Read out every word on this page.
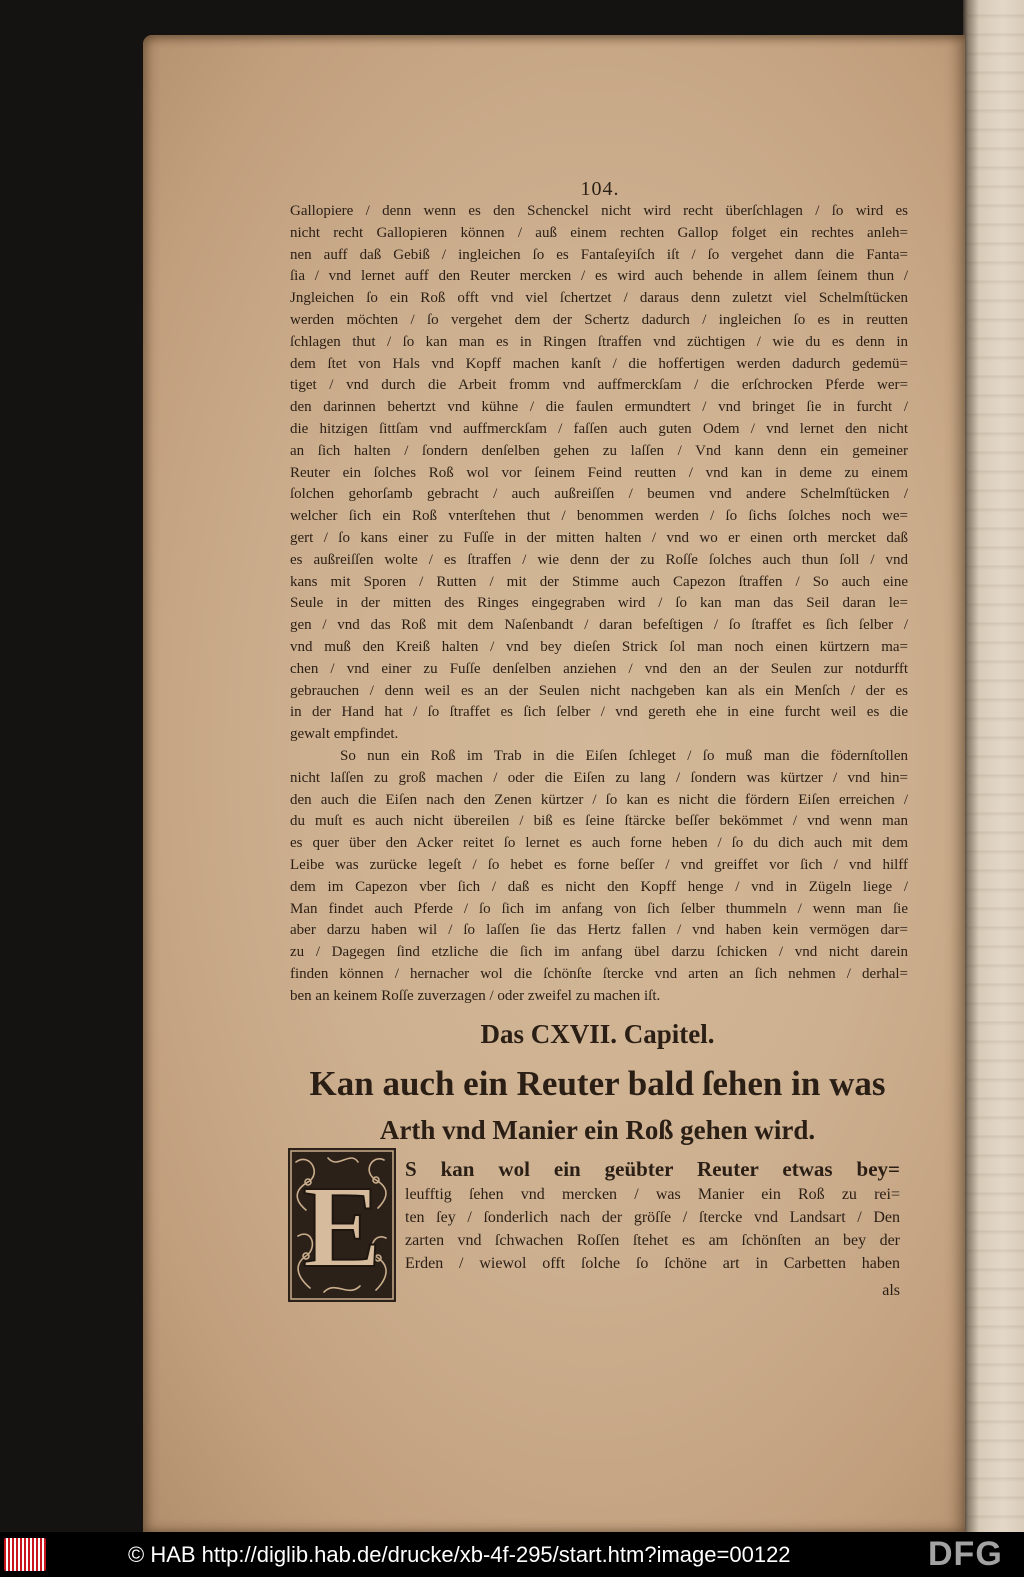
104.
Gallopiere / denn wenn es den Schenckel nicht wird recht überſchlagen / ſo wird es
nicht recht Gallopieren können / auß einem rechten Gallop folget ein rechtes anleh=
nen auff daß Gebiß / ingleichen ſo es Fantaſeyiſch iſt / ſo vergehet dann die Fanta=
ſia / vnd lernet auff den Reuter mercken / es wird auch behende in allem ſeinem thun /
Jngleichen ſo ein Roß offt vnd viel ſchertzet / daraus denn zuletzt viel Schelmſtücken
werden möchten / ſo vergehet dem der Schertz dadurch / ingleichen ſo es in reutten
ſchlagen thut / ſo kan man es in Ringen ſtraffen vnd züchtigen / wie du es denn in
dem ſtet von Hals vnd Kopff machen kanſt / die hoffertigen werden dadurch gedemü=
tiget / vnd durch die Arbeit fromm vnd auffmerckſam / die erſchrocken Pferde wer=
den darinnen behertzt vnd kühne / die faulen ermundtert / vnd bringet ſie in furcht /
die hitzigen ſittſam vnd auffmerckſam / faſſen auch guten Odem / vnd lernet den nicht
an ſich halten / ſondern denſelben gehen zu laſſen / Vnd kann denn ein gemeiner
Reuter ein ſolches Roß wol vor ſeinem Feind reutten / vnd kan in deme zu einem
ſolchen gehorſamb gebracht / auch außreiſſen / beumen vnd andere Schelmſtücken /
welcher ſich ein Roß vnterſtehen thut / benommen werden / ſo ſichs ſolches noch we=
gert / ſo kans einer zu Fuſſe in der mitten halten / vnd wo er einen orth mercket daß
es außreiſſen wolte / es ſtraffen / wie denn der zu Roſſe ſolches auch thun ſoll / vnd
kans mit Sporen / Rutten / mit der Stimme auch Capezon ſtraffen / So auch eine
Seule in der mitten des Ringes eingegraben wird / ſo kan man das Seil daran le=
gen / vnd das Roß mit dem Naſenbandt / daran befeſtigen / ſo ſtraffet es ſich ſelber /
vnd muß den Kreiß halten / vnd bey dieſen Strick ſol man noch einen kürtzern ma=
chen / vnd einer zu Fuſſe denſelben anziehen / vnd den an der Seulen zur notdurfft
gebrauchen / denn weil es an der Seulen nicht nachgeben kan als ein Menſch / der es
in der Hand hat / ſo ſtraffet es ſich ſelber / vnd gereth ehe in eine furcht weil es die
gewalt empfindet.
So nun ein Roß im Trab in die Eiſen ſchleget / ſo muß man die födernſtollen
nicht laſſen zu groß machen / oder die Eiſen zu lang / ſondern was kürtzer / vnd hin=
den auch die Eiſen nach den Zenen kürtzer / ſo kan es nicht die fördern Eiſen erreichen /
du muſt es auch nicht übereilen / biß es ſeine ſtärcke beſſer bekömmet / vnd wenn man
es quer über den Acker reitet ſo lernet es auch forne heben / ſo du dich auch mit dem
Leibe was zurücke legeſt / ſo hebet es forne beſſer / vnd greiffet vor ſich / vnd hilff
dem im Capezon vber ſich / daß es nicht den Kopff henge / vnd in Zügeln liege /
Man findet auch Pferde / ſo ſich im anfang von ſich ſelber thummeln / wenn man ſie
aber darzu haben wil / ſo laſſen ſie das Hertz fallen / vnd haben kein vermögen dar=
zu / Dagegen ſind etzliche die ſich im anfang übel darzu ſchicken / vnd nicht darein
finden können / hernacher wol die ſchönſte ſtercke vnd arten an ſich nehmen / derhal=
ben an keinem Roſſe zuverzagen / oder zweifel zu machen iſt.
Das CXVII. Capitel.
Kan auch ein Reuter bald ſehen in was
Arth vnd Manier ein Roß gehen wird.
E S kan wol ein geübter Reuter etwas bey=
leufftig ſehen vnd mercken / was Manier ein Roß zu rei=
ten ſey / ſonderlich nach der gröſſe / ſtercke vnd Landsart / Den
zarten vnd ſchwachen Roſſen ſtehet es am ſchönſten an bey der
Erden / wiewol offt ſolche ſo ſchöne art in Carbetten haben
als
© HAB http://diglib.hab.de/drucke/xb-4f-295/start.htm?image=00122	DFG
